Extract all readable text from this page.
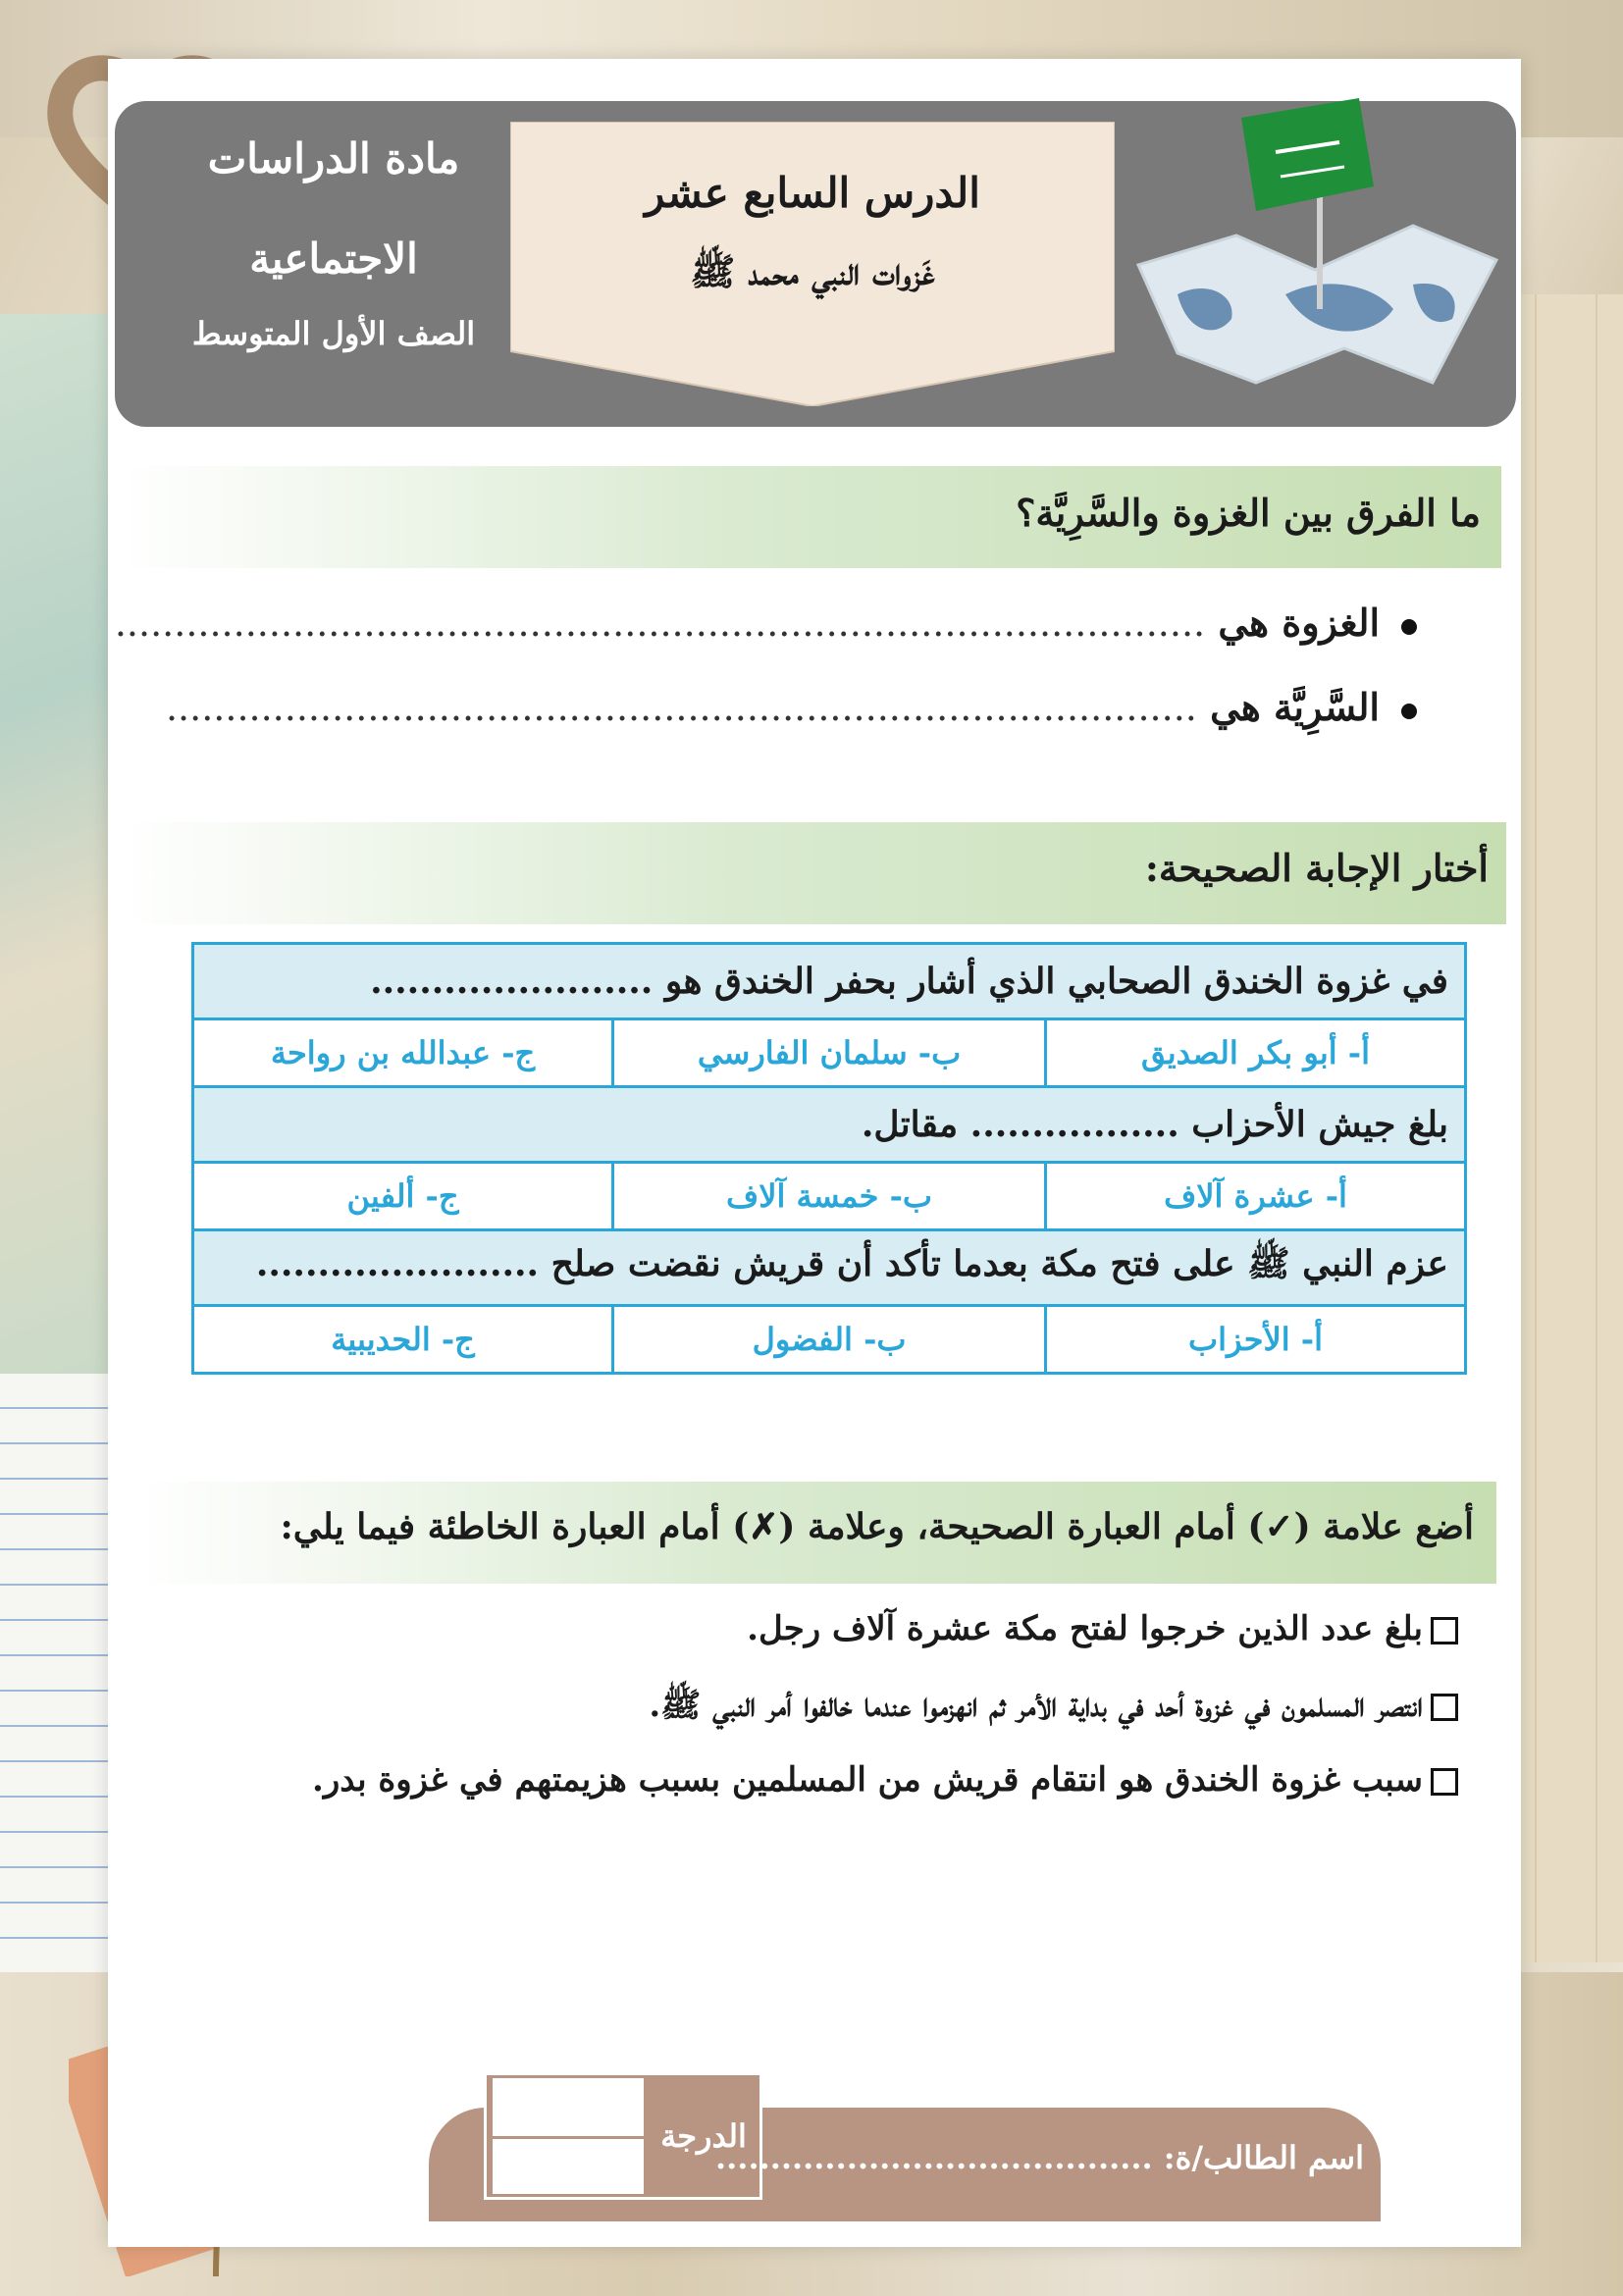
مادة الدراسات
الاجتماعية
الصف الأول المتوسط
الدرس السابع عشر
غَزوات النبي محمد ﷺ
ما الفرق بين الغزوة والسَّرِيَّة؟
الغزوة هي ............................................................................................
السَّرِيَّة هي .......................................................................................
أختار الإجابة الصحيحة:
في غزوة الخندق الصحابي الذي أشار بحفر الخندق هو .......................		
أ- أبو بكر الصديق	ب- سلمان الفارسي	ج- عبدالله بن رواحة
بلغ جيش الأحزاب ................. مقاتل.		
أ- عشرة آلاف	ب- خمسة آلاف	ج- ألفين
عزم النبي ﷺ على فتح مكة بعدما تأكد أن قريش نقضت صلح .......................		
أ- الأحزاب	ب- الفضول	ج- الحديبية
أضع علامة (✓) أمام العبارة الصحيحة، وعلامة (✗) أمام العبارة الخاطئة فيما يلي:
بلغ عدد الذين خرجوا لفتح مكة عشرة آلاف رجل.
انتصر المسلمون في غزوة أحد في بداية الأمر ثم انهزموا عندما خالفوا أمر النبي ﷺ.
سبب غزوة الخندق هو انتقام قريش من المسلمين بسبب هزيمتهم في غزوة بدر.
الدرجة
اسم الطالب/ة: ........................................
